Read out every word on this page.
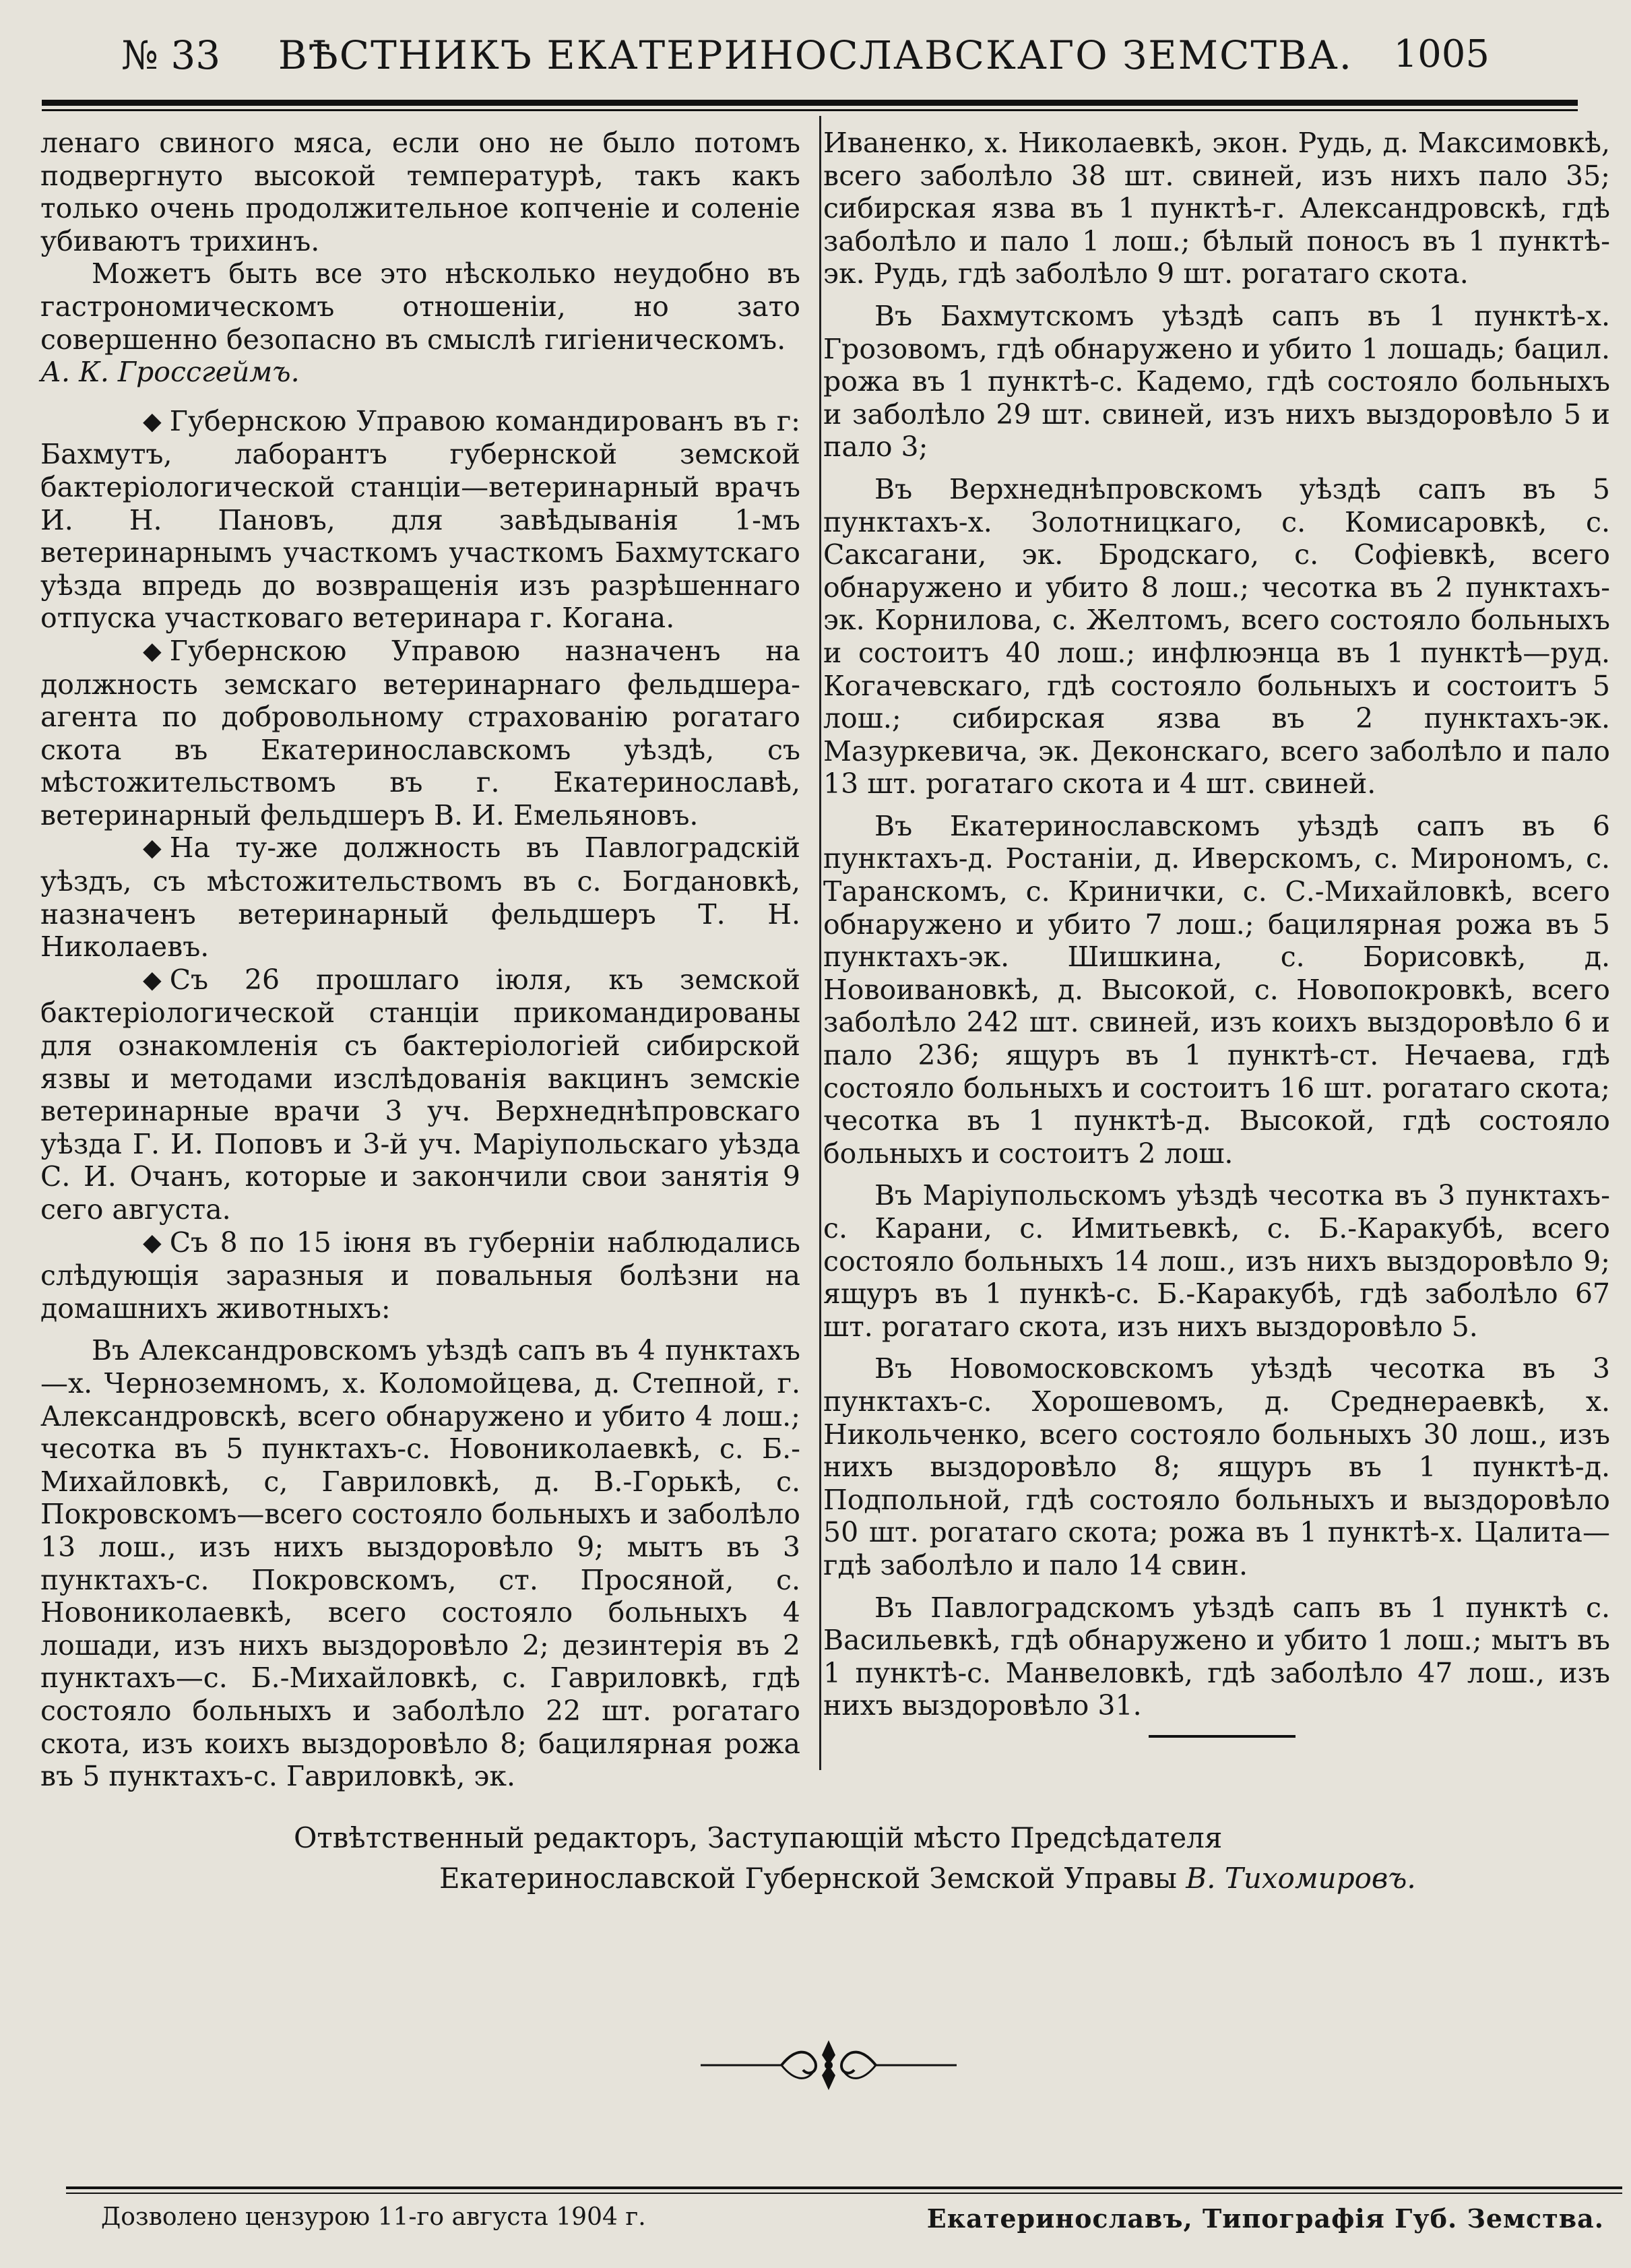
№ 33	ВѢСТНИКЪ ЕКАТЕРИНОСЛАВСКАГО ЗЕМСТВА.	1005

ленаго свиного мяса, если оно не было потомъ подвергнуто высокой температурѣ, такъ какъ только очень продолжительное копченіе и соленіе убиваютъ трихинъ.

Можетъ быть все это нѣсколько неудобно въ гастрономическомъ отношеніи, но зато совершенно безопасно въ смыслѣ гигіеническомъ.

А. К. Гроссгеймъ.

◆ Губернскою Управою командированъ въ г: Бахмутъ, лаборантъ губернской земской бактеріологической станціи—ветеринарный врачъ И. Н. Пановъ, для завѣдыванія 1-мъ ветеринарнымъ участкомъ участкомъ Бахмутскаго уѣзда впредь до возвращенія изъ разрѣшеннаго отпуска участковаго ветеринара г. Когана.

◆ Губернскою Управою назначенъ на должность земскаго ветеринарнаго фельдшера-агента по добровольному страхованію рогатаго скота въ Екатеринославскомъ уѣздѣ, съ мѣстожительствомъ въ г. Екатеринославѣ, ветеринарный фельдшеръ В. И. Емельяновъ.

◆ На ту-же должность въ Павлоградскій уѣздъ, съ мѣстожительствомъ въ с. Богдановкѣ, назначенъ ветеринарный фельдшеръ Т. Н. Николаевъ.

◆ Съ 26 прошлаго іюля, къ земской бактеріологической станціи прикомандированы для ознакомленія съ бактеріологіей сибирской язвы и методами изслѣдованія вакцинъ земскіе ветеринарные врачи 3 уч. Верхнеднѣпровскаго уѣзда Г. И. Поповъ и 3-й уч. Маріупольскаго уѣзда С. И. Очанъ, которые и закончили свои занятія 9 сего августа.

◆ Съ 8 по 15 іюня въ губерніи наблюдались слѣдующія заразныя и повальныя болѣзни на домашнихъ животныхъ:

Въ Александровскомъ уѣздѣ сапъ въ 4 пунктахъ—х. Черноземномъ, х. Коломойцева, д. Степной, г. Александровскѣ, всего обнаружено и убито 4 лош.; чесотка въ 5 пунктахъ-с. Новониколаевкѣ, с. Б.-Михайловкѣ, с, Гавриловкѣ, д. В.-Горькѣ, с. Покровскомъ—всего состояло больныхъ и заболѣло 13 лош., изъ нихъ выздоровѣло 9; мытъ въ 3 пунктахъ-с. Покровскомъ, ст. Просяной, с. Новониколаевкѣ, всего состояло больныхъ 4 лошади, изъ нихъ выздоровѣло 2; дезинтерія въ 2 пунктахъ—с. Б.-Михайловкѣ, с. Гавриловкѣ, гдѣ состояло больныхъ и заболѣло 22 шт. рогатаго скота, изъ коихъ выздоровѣло 8; бацилярная рожа въ 5 пунктахъ-с. Гавриловкѣ, эк.

Иваненко, х. Николаевкѣ, экон. Рудь, д. Максимовкѣ, всего заболѣло 38 шт. свиней, изъ нихъ пало 35; сибирская язва въ 1 пунктѣ-г. Александровскѣ, гдѣ заболѣло и пало 1 лош.; бѣлый поносъ въ 1 пунктѣ-эк. Рудь, гдѣ заболѣло 9 шт. рогатаго скота.

Въ Бахмутскомъ уѣздѣ сапъ въ 1 пунктѣ-х. Грозовомъ, гдѣ обнаружено и убито 1 лошадь; бацил. рожа въ 1 пунктѣ-с. Кадемо, гдѣ состояло больныхъ и заболѣло 29 шт. свиней, изъ нихъ выздоровѣло 5 и пало 3;

Въ Верхнеднѣпровскомъ уѣздѣ сапъ въ 5 пунктахъ-х. Золотницкаго, с. Комисаровкѣ, с. Саксагани, эк. Бродскаго, с. Софіевкѣ, всего обнаружено и убито 8 лош.; чесотка въ 2 пунктахъ-эк. Корнилова, с. Желтомъ, всего состояло больныхъ и состоитъ 40 лош.; инфлюэнца въ 1 пунктѣ—руд. Когачевскаго, гдѣ состояло больныхъ и состоитъ 5 лош.; сибирская язва въ 2 пунктахъ-эк. Мазуркевича, эк. Деконскаго, всего заболѣло и пало 13 шт. рогатаго скота и 4 шт. свиней.

Въ Екатеринославскомъ уѣздѣ сапъ въ 6 пунктахъ-д. Ростаніи, д. Иверскомъ, с. Мирономъ, с. Таранскомъ, с. Кринички, с. С.-Михайловкѣ, всего обнаружено и убито 7 лош.; бацилярная рожа въ 5 пунктахъ-эк. Шишкина, с. Борисовкѣ, д. Новоивановкѣ, д. Высокой, с. Новопокровкѣ, всего заболѣло 242 шт. свиней, изъ коихъ выздоровѣло 6 и пало 236; ящуръ въ 1 пунктѣ-ст. Нечаева, гдѣ состояло больныхъ и состоитъ 16 шт. рогатаго скота; чесотка въ 1 пунктѣ-д. Высокой, гдѣ состояло больныхъ и состоитъ 2 лош.

Въ Маріупольскомъ уѣздѣ чесотка въ 3 пунктахъ-с. Карани, с. Имитьевкѣ, с. Б.-Каракубѣ, всего состояло больныхъ 14 лош., изъ нихъ выздоровѣло 9; ящуръ въ 1 пункѣ-с. Б.-Каракубѣ, гдѣ заболѣло 67 шт. рогатаго скота, изъ нихъ выздоровѣло 5.

Въ Новомосковскомъ уѣздѣ чесотка въ 3 пунктахъ-с. Хорошевомъ, д. Среднераевкѣ, х. Никольченко, всего состояло больныхъ 30 лош., изъ нихъ выздоровѣло 8; ящуръ въ 1 пунктѣ-д. Подпольной, гдѣ состояло больныхъ и выздоровѣло 50 шт. рогатаго скота; рожа въ 1 пунктѣ-х. Цалита—гдѣ заболѣло и пало 14 свин.

Въ Павлоградскомъ уѣздѣ сапъ въ 1 пунктѣ с. Васильевкѣ, гдѣ обнаружено и убито 1 лош.; мытъ въ 1 пунктѣ-с. Манвеловкѣ, гдѣ заболѣло 47 лош., изъ нихъ выздоровѣло 31.

Отвѣтственный редакторъ, Заступающій мѣсто Предсѣдателя
Екатеринославской Губернской Земской Управы В. Тихомировъ.
Дозволено цензурою 11-го августа 1904 г.	Екатеринославъ, Типографія Губ. Земства.
